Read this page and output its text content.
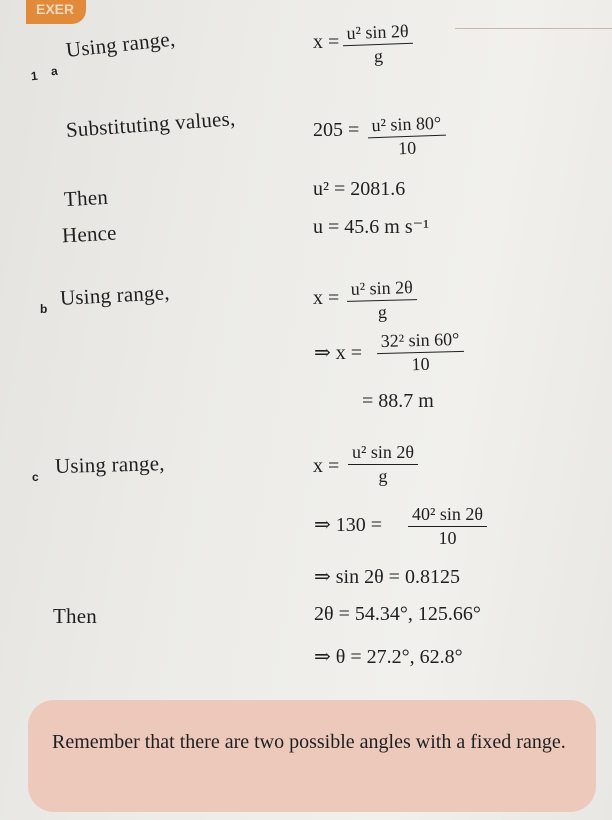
EXER
1 a
Using range,	$x = \frac{\text{u² sin 2θ}}{g}$
Substituting values,	$205 = \frac{\text{u² sin 80°}}{10}$
Then	u² = 2081.6
Hence	u = 45.6 m s⁻¹
b Using range,	$x = \frac{\text{u² sin 2θ}}{g}$
⇒ $x = \frac{\text{32² sin 60°}}{10}$
= 88.7 m
c Using range,	$x = \frac{\text{u² sin 2θ}}{g}$
⇒ $130 = \frac{\text{40² sin 2θ}}{10}$
⇒ sin 2θ = 0.8125
Then	2θ = 54.34°, 125.66°
⇒ θ = 27.2°, 62.8°
Remember that there are two possible angles with a fixed range.
